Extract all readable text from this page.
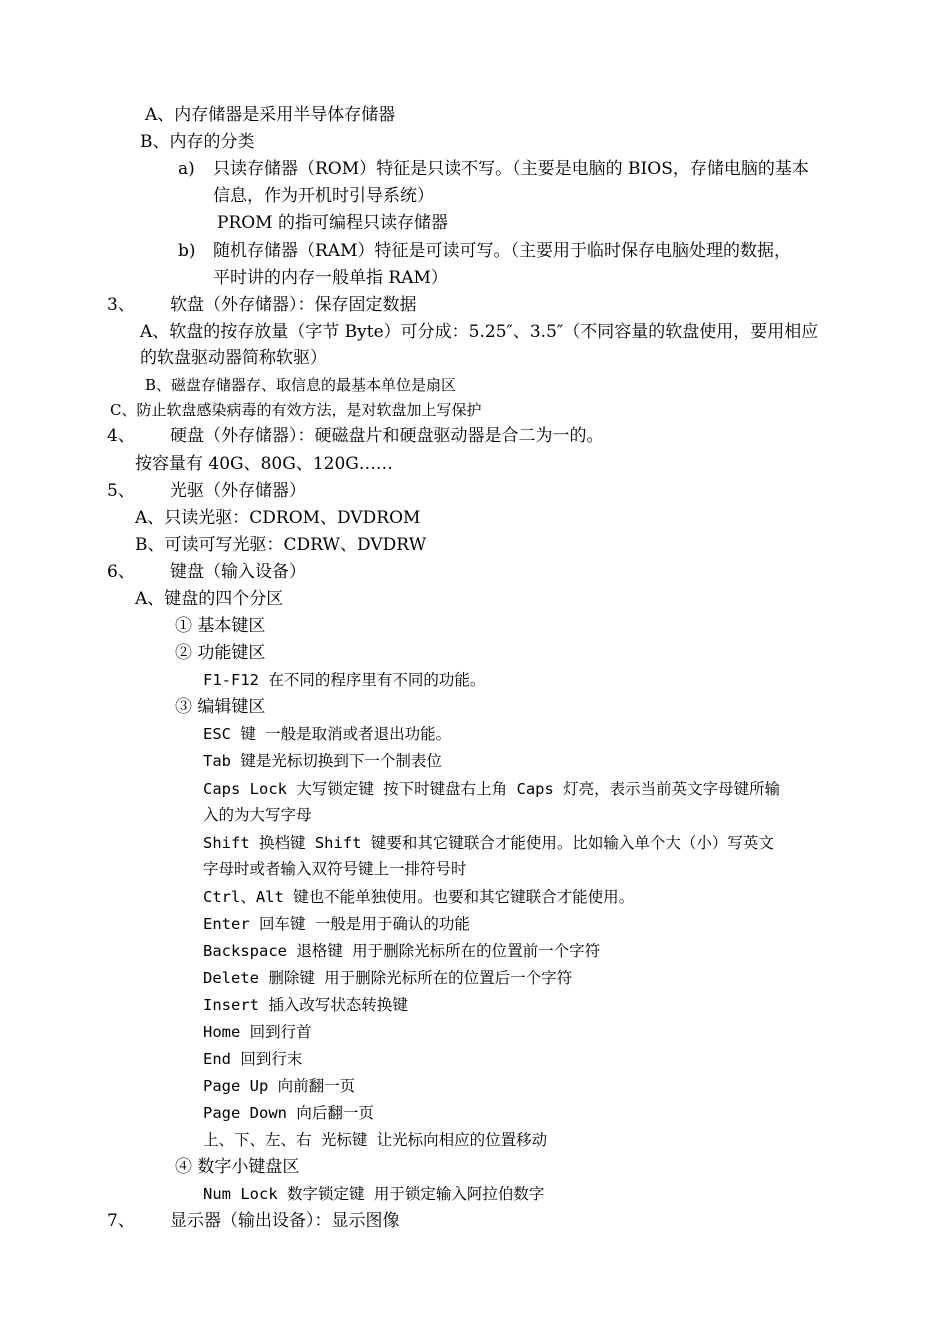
A、内存储器是采用半导体存储器
B、内存的分类
a) 只读存储器（ROM）特征是只读不写。（主要是电脑的 BIOS，存储电脑的基本
信息，作为开机时引导系统）
PROM 的指可编程只读存储器
b) 随机存储器（RAM）特征是可读可写。（主要用于临时保存电脑处理的数据，
平时讲的内存一般单指 RAM）
3、 软盘（外存储器）：保存固定数据
A、软盘的按存放量（字节 Byte）可分成：5.25″、3.5″（不同容量的软盘使用，要用相应
的软盘驱动器简称软驱）
B、磁盘存储器存、取信息的最基本单位是扇区
C、防止软盘感染病毒的有效方法，是对软盘加上写保护
4、 硬盘（外存储器）：硬磁盘片和硬盘驱动器是合二为一的。
按容量有 40G、80G、120G……
5、 光驱（外存储器）
A、只读光驱：CDROM、DVDROM
B、可读可写光驱：CDRW、DVDRW
6、 键盘（输入设备）
A、键盘的四个分区
① 基本键区
② 功能键区
F1-F12 在不同的程序里有不同的功能。
③ 编辑键区
ESC 键 一般是取消或者退出功能。
Tab 键是光标切换到下一个制表位
Caps Lock 大写锁定键 按下时键盘右上角 Caps 灯亮，表示当前英文字母键所输
入的为大写字母
Shift 换档键 Shift 键要和其它键联合才能使用。比如输入单个大（小）写英文
字母时或者输入双符号键上一排符号时
Ctrl、Alt 键也不能单独使用。也要和其它键联合才能使用。
Enter 回车键 一般是用于确认的功能
Backspace 退格键 用于删除光标所在的位置前一个字符
Delete 删除键 用于删除光标所在的位置后一个字符
Insert 插入改写状态转换键
Home 回到行首
End 回到行末
Page Up 向前翻一页
Page Down 向后翻一页
上、下、左、右 光标键 让光标向相应的位置移动
④ 数字小键盘区
Num Lock 数字锁定键 用于锁定输入阿拉伯数字
7、 显示器（输出设备）：显示图像
